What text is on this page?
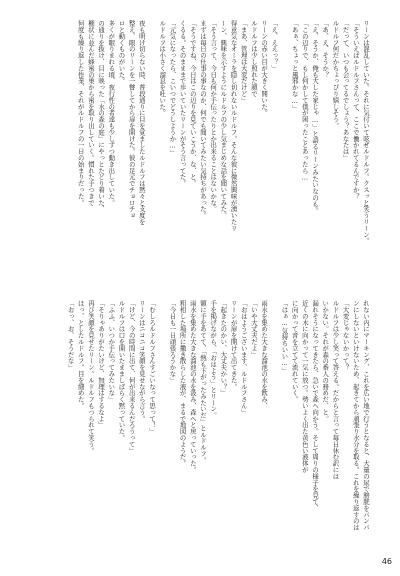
リーンは混乱していた。それに気付いて呟ぜルドルフ。クスッと笑うリーン。
「そういえばルドルフさんって、ここで働かれてるんですか？
「だって、いつも会ってるでしょう？あなたは」
ルドルフ何だかちょっぴり嬉しそう。
「あ、え、そうか？
「え、そうか、俺も大した家じゃ…」と語るリーンみたいなのも。
「この辺りで、もし何かして僕が困ったことあったら…
「あぁ、ちょっと風邪かな…」
「え、ええっ？」
リーンの赤い目が大きく開いた。
ルドルフは少し照れた顔で
「まあ、管理は大変だけど」
得意気なオーラを隠し切れないルドルフ。そんな彼に微然興味が湧いたリ
ーン、興味を示すようにルドルフの少し気まじめな話を聞いてみた。
「そう言って、今日も何か手伝ったりとか出来ることはないかな。
まずは毎日の仕事の事なのか、何でも聞いてみたい気持ちがあった。
「そうですね、今日はこの辺りを見ていこうか、な、と。
くるる。そのまままで歩いていたリーンがそう言ってた。
「元気になったら、こいつでどうしようか…」
ルドルフは小さく溜息を吐いた。
夜も明け切らない時、普段通りに目を覚ましたルドルフは黙々と支度を
整え、眼のリーンを一瞥してから扉を開けた。彼の足元でチョロチョ
ロと動くものがいた。
多くが眠りまれる頃、夜行性の者達も少しずつ動き出していた。
の通りを抜け、目に映った「水の森の庭」にやっとたどり着いた、
棚状に並んだ蜂蜜の巣から蜜を取り出していく。慣れた手つきで
何度も繰り返した作業、それがルドルフの一日の始まりだった。
れない内にマーキング、これを広い地で行うとなると、大量の尿で膀胱をパンパ
ンにしないといけないため、起きてから頑張り水分を取る。これを繰り返すのは
「大変じゃないかって？
ルドルフは少し笑って答える。だからと言って毎日休む訳には
いかない。それが森の番人の務めだ、と。
漏れそうになってきたら、急いで森へ向かう。そして周りの様子を見て、
近くの木に向かって一気に放つ。勢いよく出た黄色い液体が
に向かって音を立てて流れていく。
「はぁ…気持ちいい…」
雨水を集めた大きな溜池の水を飲み、
「いや大丈夫だよ」
「おはようございます、ルドルフさん」
リーンが扉を開けて出てきた。
「起きたのかい、大丈夫かい？」
手を掲げながら、「おはよう」とリーン。
額に手をあてて、「熱も下がったみたいだ」とルドルフ。
雨水を集めた大きな溜池の水を汲み、森へと戻っていった。
粗相した場所に撒き散らした液が、まるで地図のようだ。
「今日も一日頑張ろうかな」
「むしろルドルフさんすごいなって思って！」
リーンはニコニコ笑顔を見せながら言う。
「けど、今の時間に出て、何が出来るんだろうって」
ルドルフは口を開いたまましばらく黙っていた。
「ふふ、いつか手伝ってみたいな」
「そりゃありがたいけど、無理はするなよ」
再び笑顔を見せたリーン。ルドルフもつられて笑う。
ほっ、としたルドルフ。目を細めた。
「おっ、お、そうだな」
46
